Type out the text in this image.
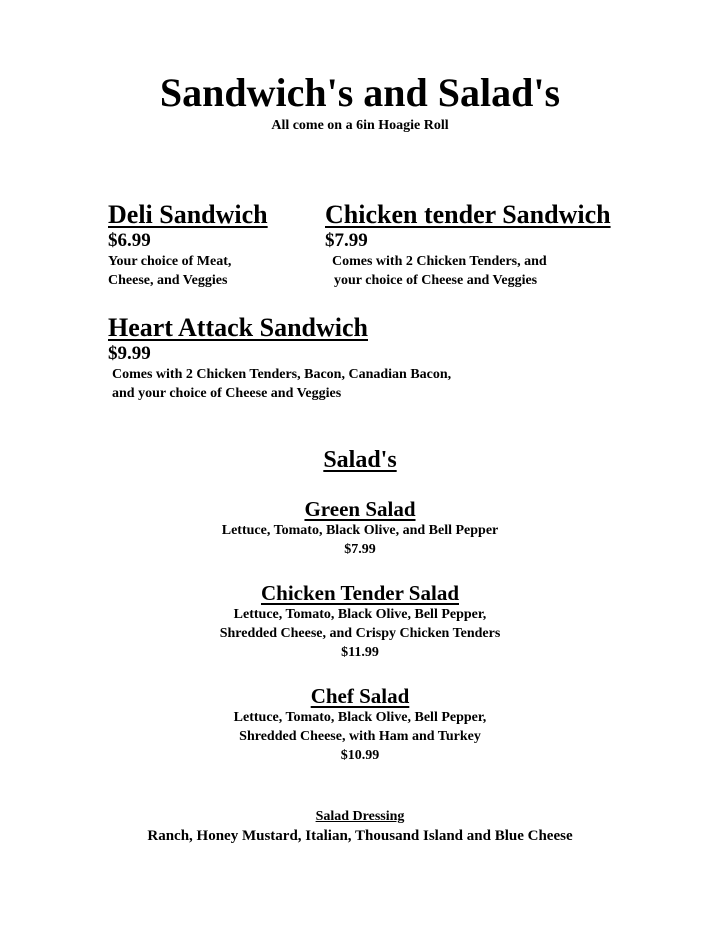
Sandwich's and Salad's
All come on a 6in Hoagie Roll
Deli Sandwich
$6.99
Your choice of Meat,
Cheese, and Veggies
Chicken tender Sandwich
$7.99
Comes with 2 Chicken Tenders, and
your choice of Cheese and Veggies
Heart Attack Sandwich
$9.99
Comes with 2 Chicken Tenders, Bacon, Canadian Bacon,
and your choice of Cheese and Veggies
Salad's
Green Salad
Lettuce, Tomato, Black Olive, and Bell Pepper
$7.99
Chicken Tender Salad
Lettuce, Tomato, Black Olive, Bell Pepper,
Shredded Cheese, and Crispy Chicken Tenders
$11.99
Chef Salad
Lettuce, Tomato, Black Olive, Bell Pepper,
Shredded Cheese, with Ham and Turkey
$10.99
Salad Dressing
Ranch, Honey Mustard, Italian, Thousand Island and Blue Cheese
